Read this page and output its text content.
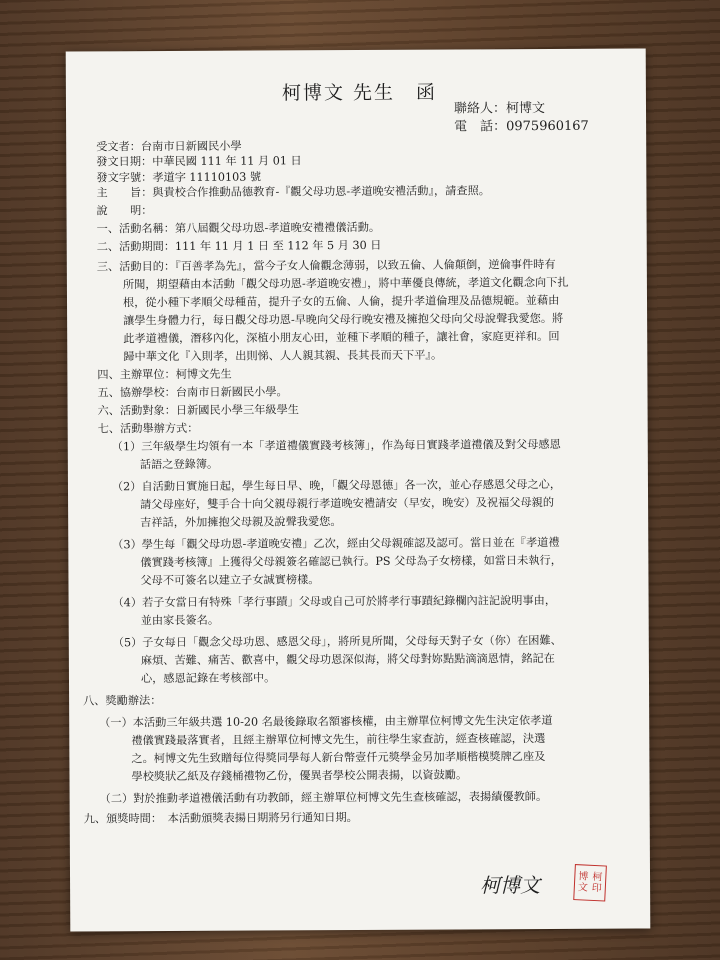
柯博文 先生　函
聯絡人：柯博文
電　話：0975960167
受文者：台南市日新國民小學
發文日期：中華民國 111 年 11 月 01 日
發文字號：孝道字 11110103 號
主　　旨：與貴校合作推動品德教育-『觀父母功恩-孝道晚安禮活動』，請查照。
說　　明：
一、活動名稱：第八屆觀父母功恩-孝道晚安禮禮儀活動。
二、活動期間：111 年 11 月 1 日 至 112 年 5 月 30 日
三、活動目的：『百善孝為先』，當今子女人倫觀念薄弱，以致五倫、人倫顛倒，逆倫事件時有
所聞，期望藉由本活動「觀父母功恩-孝道晚安禮」，將中華優良傳統，孝道文化觀念向下扎
根，從小種下孝順父母種苗，提升子女的五倫、人倫，提升孝道倫理及品德規範。並藉由
讓學生身體力行，每日觀父母功恩-早晚向父母行晚安禮及擁抱父母向父母說聲我愛您。將
此孝道禮儀，潛移內化，深植小朋友心田，並種下孝順的種子，讓社會，家庭更祥和。回
歸中華文化『入則孝，出則悌、人人親其親、長其長而天下平』。
四、主辦單位：柯博文先生
五、協辦學校：台南市日新國民小學。
六、活動對象：日新國民小學三年級學生
七、活動舉辦方式：
（1）三年級學生均領有一本「孝道禮儀實踐考核簿」，作為每日實踐孝道禮儀及對父母感恩
話語之登錄簿。
（2）自活動日實施日起，學生每日早、晚，「觀父母恩德」各一次，並心存感恩父母之心，
請父母座好，雙手合十向父親母親行孝道晚安禮請安（早安，晚安）及祝福父母親的
吉祥話，外加擁抱父母親及說聲我愛您。
（3）學生每「觀父母功恩-孝道晚安禮」乙次，經由父母親確認及認可。當日並在『孝道禮
儀實踐考核簿』上獲得父母親簽名確認已執行。PS 父母為子女榜樣，如當日未執行，
父母不可簽名以建立子女誠實榜樣。
（4）若子女當日有特殊「孝行事蹟」父母或自己可於將孝行事蹟紀錄欄內註記說明事由，
並由家長簽名。
（5）子女每日「觀念父母功恩、感恩父母」，將所見所聞，父母每天對子女（你）在困難、
麻煩、苦難、痛苦、歡喜中，觀父母功恩深似海，將父母對妳點點滴滴恩情，銘記在
心，感恩記錄在考核部中。
八、獎勵辦法：
（一）本活動三年級共選 10-20 名最後錄取名額審核權，由主辦單位柯博文先生決定依孝道
禮儀實踐最落實者，且經主辦單位柯博文先生，前往學生家查訪，經查核確認，決選
之。柯博文先生致贈每位得獎同學每人新台幣壹仟元獎學金另加孝順楷模獎牌乙座及
學校獎狀乙紙及存錢桶禮物乙份，優異者學校公開表揚，以資鼓勵。
（二）對於推動孝道禮儀活動有功教師，經主辦單位柯博文先生查核確認，表揚績優教師。
九、頒獎時間：　本活動頒獎表揚日期將另行通知日期。
柯博文	博 柯
文 印
